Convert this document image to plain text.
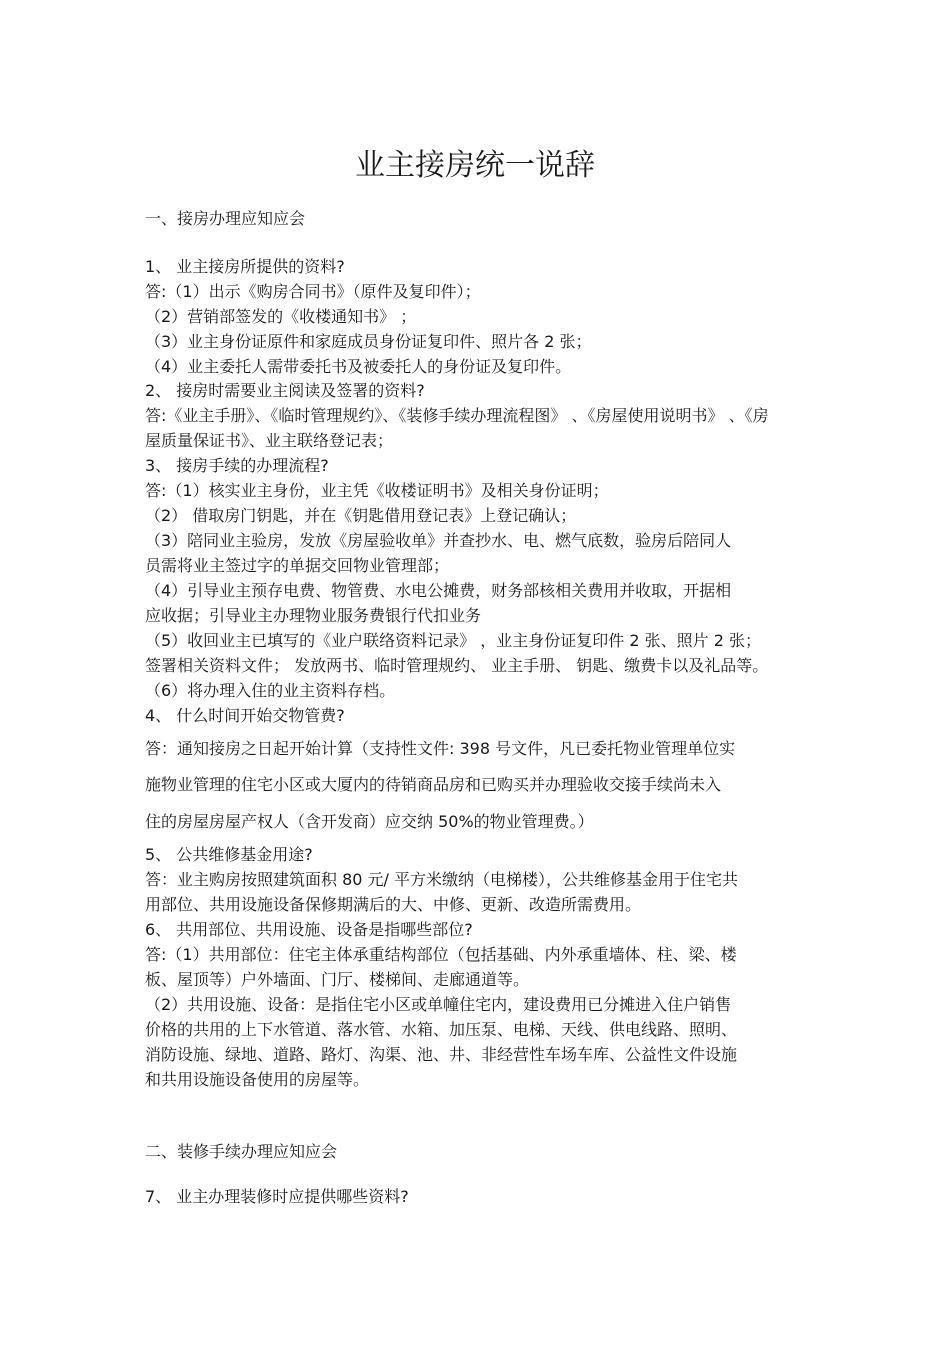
业主接房统一说辞
一、接房办理应知应会
1、 业主接房所提供的资料?
答:（1）出示《购房合同书》（原件及复印件）；
（2）营销部签发的《收楼通知书》 ；
（3）业主身份证原件和家庭成员身份证复印件、照片各 2 张；
（4）业主委托人需带委托书及被委托人的身份证及复印件。
2、 接房时需要业主阅读及签署的资料?
答:《业主手册》、《临时管理规约》、《装修手续办理流程图》 、《房屋使用说明书》 、《房
屋质量保证书》、业主联络登记表；
3、 接房手续的办理流程?
答:（1）核实业主身份，业主凭《收楼证明书》及相关身份证明；
（2） 借取房门钥匙，并在《钥匙借用登记表》上登记确认；
（3）陪同业主验房，发放《房屋验收单》并查抄水、电、燃气底数，验房后陪同人
员需将业主签过字的单据交回物业管理部；
（4）引导业主预存电费、物管费、水电公摊费，财务部核相关费用并收取，开据相
应收据；引导业主办理物业服务费银行代扣业务
（5）收回业主已填写的《业户联络资料记录》 ，业主身份证复印件 2 张、照片 2 张；
签署相关资料文件； 发放两书、临时管理规约、 业主手册、 钥匙、缴费卡以及礼品等。
（6）将办理入住的业主资料存档。
4、 什么时间开始交物管费?
答：通知接房之日起开始计算（支持性文件: 398 号文件，凡已委托物业管理单位实
施物业管理的住宅小区或大厦内的待销商品房和已购买并办理验收交接手续尚未入
住的房屋房屋产权人（含开发商）应交纳 50%的物业管理费。）
5、 公共维修基金用途?
答：业主购房按照建筑面积 80 元/ 平方米缴纳（电梯楼），公共维修基金用于住宅共
用部位、共用设施设备保修期满后的大、中修、更新、改造所需费用。
6、 共用部位、共用设施、设备是指哪些部位?
答:（1）共用部位：住宅主体承重结构部位（包括基础、内外承重墙体、柱、梁、楼
板、屋顶等）户外墙面、门厅、楼梯间、走廊通道等。
（2）共用设施、设备：是指住宅小区或单幢住宅内，建设费用已分摊进入住户销售
价格的共用的上下水管道、落水管、水箱、加压泵、电梯、天线、供电线路、照明、
消防设施、绿地、道路、路灯、沟渠、池、井、非经营性车场车库、公益性文件设施
和共用设施设备使用的房屋等。
二、装修手续办理应知应会
7、 业主办理装修时应提供哪些资料?
